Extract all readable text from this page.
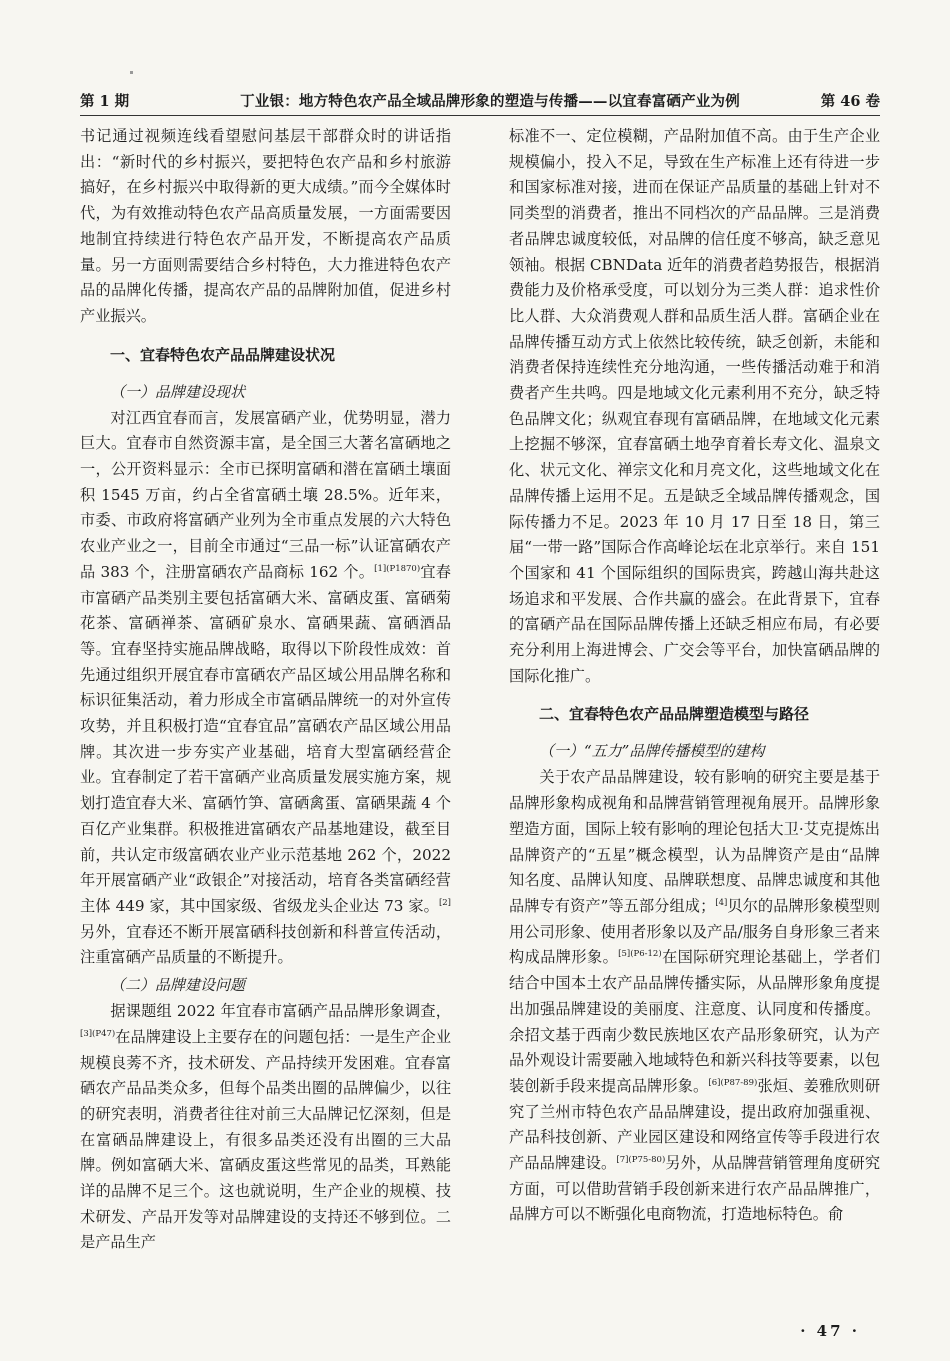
第 1 期	丁业银：地方特色农产品全域品牌形象的塑造与传播——以宜春富硒产业为例	第 46 卷

书记通过视频连线看望慰问基层干部群众时的讲话指出：“新时代的乡村振兴，要把特色农产品和乡村旅游搞好，在乡村振兴中取得新的更大成绩。”而今全媒体时代，为有效推动特色农产品高质量发展，一方面需要因地制宜持续进行特色农产品开发，不断提高农产品质量。另一方面则需要结合乡村特色，大力推进特色农产品的品牌化传播，提高农产品的品牌附加值，促进乡村产业振兴。

一、宜春特色农产品品牌建设状况
（一）品牌建设现状

对江西宜春而言，发展富硒产业，优势明显，潜力巨大。宜春市自然资源丰富，是全国三大著名富硒地之一，公开资料显示：全市已探明富硒和潜在富硒土壤面积 1545 万亩，约占全省富硒土壤 28.5%。近年来，市委、市政府将富硒产业列为全市重点发展的六大特色农业产业之一，目前全市通过“三品一标”认证富硒农产品 383 个，注册富硒农产品商标 162 个。$^{[1](P1870)}$宜春市富硒产品类别主要包括富硒大米、富硒皮蛋、富硒菊花茶、富硒禅茶、富硒矿泉水、富硒果蔬、富硒酒品等。宜春坚持实施品牌战略，取得以下阶段性成效：首先通过组织开展宜春市富硒农产品区域公用品牌名称和标识征集活动，着力形成全市富硒品牌统一的对外宣传攻势，并且积极打造“宜春宜品”富硒农产品区域公用品牌。其次进一步夯实产业基础，培育大型富硒经营企业。宜春制定了若干富硒产业高质量发展实施方案，规划打造宜春大米、富硒竹笋、富硒禽蛋、富硒果蔬 4 个百亿产业集群。积极推进富硒农产品基地建设，截至目前，共认定市级富硒农业产业示范基地 262 个，2022 年开展富硒产业“政银企”对接活动，培育各类富硒经营主体 449 家，其中国家级、省级龙头企业达 73 家。[2]另外，宜春还不断开展富硒科技创新和科普宣传活动，注重富硒产品质量的不断提升。

（二）品牌建设问题

据课题组 2022 年宜春市富硒产品品牌形象调查，$^{[3](P47)}$在品牌建设上主要存在的问题包括：一是生产企业规模良莠不齐，技术研发、产品持续开发困难。宜春富硒农产品品类众多，但每个品类出圈的品牌偏少，以往的研究表明，消费者往往对前三大品牌记忆深刻，但是在富硒品牌建设上，有很多品类还没有出圈的三大品牌。例如富硒大米、富硒皮蛋这些常见的品类，耳熟能详的品牌不足三个。这也就说明，生产企业的规模、技术研发、产品开发等对品牌建设的支持还不够到位。二是产品生产

标准不一、定位模糊，产品附加值不高。由于生产企业规模偏小，投入不足，导致在生产标准上还有待进一步和国家标准对接，进而在保证产品质量的基础上针对不同类型的消费者，推出不同档次的产品品牌。三是消费者品牌忠诚度较低，对品牌的信任度不够高，缺乏意见领袖。根据 CBNData 近年的消费者趋势报告，根据消费能力及价格承受度，可以划分为三类人群：追求性价比人群、大众消费观人群和品质生活人群。富硒企业在品牌传播互动方式上依然比较传统，缺乏创新，未能和消费者保持连续性充分地沟通，一些传播活动难于和消费者产生共鸣。四是地域文化元素利用不充分，缺乏特色品牌文化；纵观宜春现有富硒品牌，在地域文化元素上挖掘不够深，宜春富硒土地孕育着长寿文化、温泉文化、状元文化、禅宗文化和月亮文化，这些地域文化在品牌传播上运用不足。五是缺乏全域品牌传播观念，国际传播力不足。2023 年 10 月 17 日至 18 日，第三届“一带一路”国际合作高峰论坛在北京举行。来自 151 个国家和 41 个国际组织的国际贵宾，跨越山海共赴这场追求和平发展、合作共赢的盛会。在此背景下，宜春的富硒产品在国际品牌传播上还缺乏相应布局，有必要充分利用上海进博会、广交会等平台，加快富硒品牌的国际化推广。

二、宜春特色农产品品牌塑造模型与路径
（一）“五力”品牌传播模型的建构

关于农产品品牌建设，较有影响的研究主要是基于品牌形象构成视角和品牌营销管理视角展开。品牌形象塑造方面，国际上较有影响的理论包括大卫·艾克提炼出品牌资产的“五星”概念模型，认为品牌资产是由“品牌知名度、品牌认知度、品牌联想度、品牌忠诚度和其他品牌专有资产”等五部分组成；[4]贝尔的品牌形象模型则用公司形象、使用者形象以及产品/服务自身形象三者来构成品牌形象。$^{[5](P6-12)}$在国际研究理论基础上，学者们结合中国本土农产品品牌传播实际，从品牌形象角度提出加强品牌建设的美丽度、注意度、认同度和传播度。余招文基于西南少数民族地区农产品形象研究，认为产品外观设计需要融入地域特色和新兴科技等要素，以包装创新手段来提高品牌形象。$^{[6](P87-89)}$张烜、姜雅欣则研究了兰州市特色农产品品牌建设，提出政府加强重视、产品科技创新、产业园区建设和网络宣传等手段进行农产品品牌建设。$^{[7](P75-80)}$另外，从品牌营销管理角度研究方面，可以借助营销手段创新来进行农产品品牌推广，品牌方可以不断强化电商物流，打造地标特色。俞

· 47 ·
